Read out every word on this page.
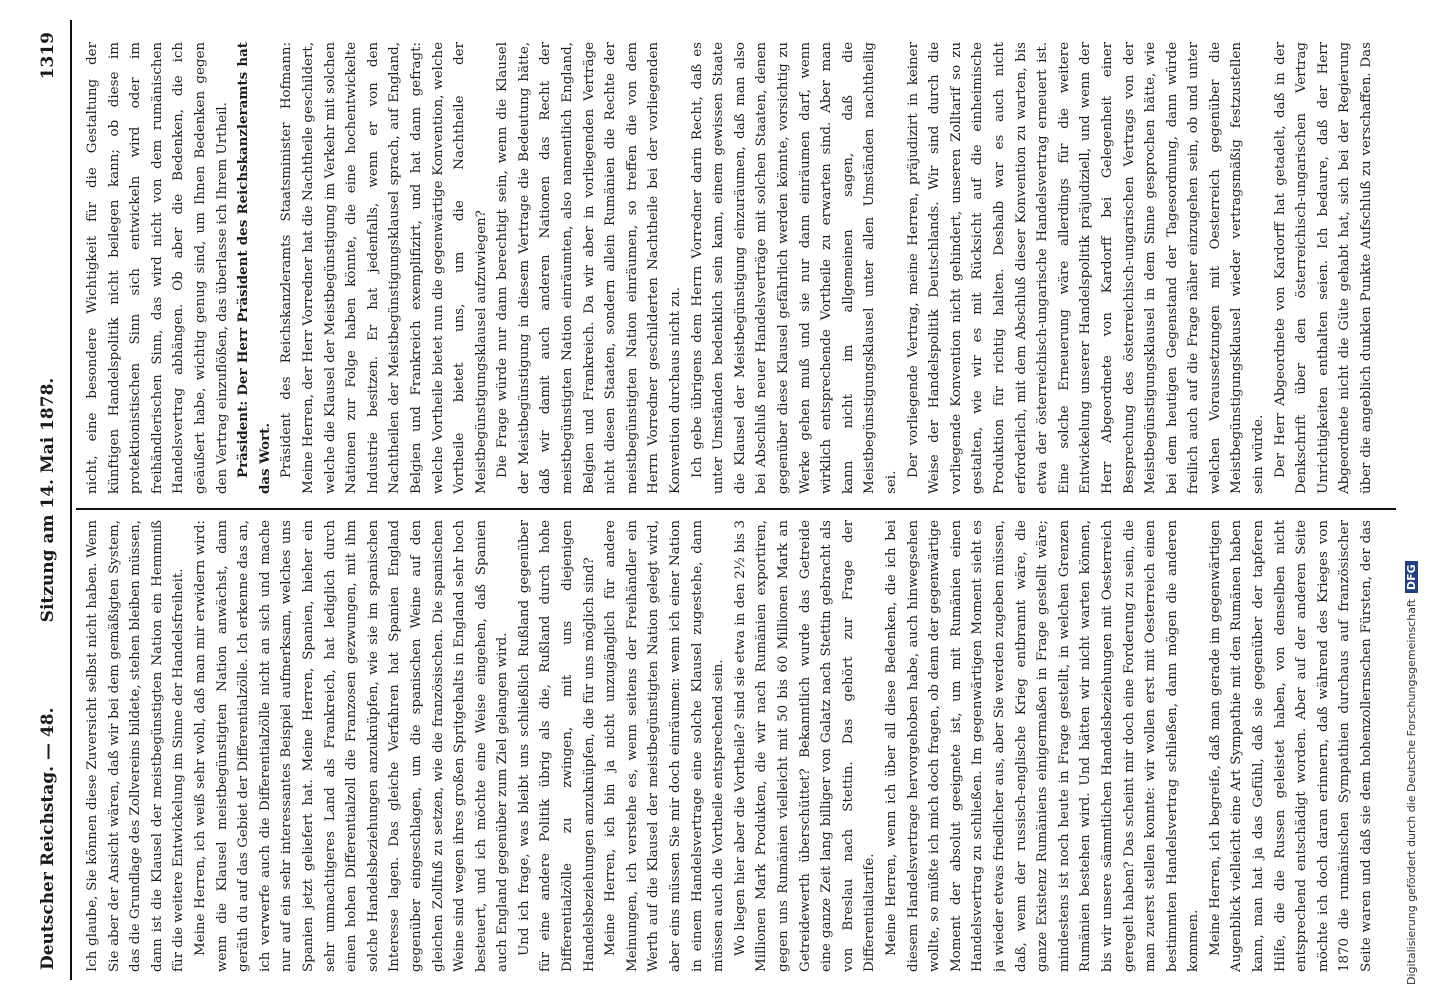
Deutscher Reichstag. — 48.
Sitzung am 14. Mai 1878.
1319

Ich glaube, Sie können diese Zuversicht selbst nicht haben. Wenn Sie aber der Ansicht wären, daß wir bei dem gemäßigten System, das die Grundlage des Zollvereins bildete, stehen bleiben müssen, dann ist die Klausel der meistbegünstigten Nation ein Hemmniß für die weitere Entwickelung im Sinne der Handelsfreiheit. Meine Herren, ich weiß sehr wohl, daß man mir erwidern wird: wenn die Klausel meistbegünstigten Nation anwächst, dann geräth du auf das Gebiet der Differentialzölle. Ich erkenne das an, ich verwerfe auch die Differentialzölle nicht an sich und mache nur auf ein sehr interessantes Beispiel aufmerksam, welches uns Spanien jetzt geliefert hat. Meine Herren, Spanien, hieher ein sehr umnachtigeres Land als Frankreich, hat lediglich durch einen hohen Differentialzoll die Franzosen gezwungen, mit ihm solche Handelsbeziehungen anzuknüpfen, wie sie im spanischen Interesse lagen. Das gleiche Verfahren hat Spanien England gegenüber eingeschlagen, um die spanischen Weine auf den gleichen Zollfuß zu setzen, wie die französischen. Die spanischen Weine sind wegen ihres großen Spritgehalts in England sehr hoch besteuert, und ich möchte eine Weise eingehen, daß Spanien auch England gegenüber zum Ziel gelangen wird. Und ich frage, was bleibt uns schließlich Rußland gegenüber für eine andere Politik übrig als die, Rußland durch hohe Differentialzölle zu zwingen, mit uns diejenigen Handelsbeziehungen anzuknüpfen, die für uns möglich sind? Meine Herren, ich bin ja nicht unzugänglich für andere Meinungen, ich verstehe es, wenn seitens der Freihändler ein Werth auf die Klausel der meistbegünstigten Nation gelegt wird, aber eins müssen Sie mir doch einräumen: wenn ich einer Nation in einem Handelsvertrage eine solche Klausel zugestehe, dann müssen auch die Vortheile entsprechend sein. Wo liegen hier aber die Vortheile? sind sie etwa in den 2½ bis 3 Millionen Mark Produkten, die wir nach Rumänien exportiren, gegen uns Rumänien vielleicht mit 50 bis 60 Millionen Mark an Getreidewerth überschüttet? Bekanntlich wurde das Getreide eine ganze Zeit lang billiger von Galatz nach Stettin gebracht als von Breslau nach Stettin. Das gehört zur Frage der Differentialtarife. Meine Herren, wenn ich über all diese Bedenken, die ich bei diesem Handelsvertrage hervorgehoben habe, auch hinwegsehen wollte, so müßte ich mich doch fragen, ob denn der gegenwärtige Moment der absolut geeignete ist, um mit Rumänien einen Handelsvertrag zu schließen. Im gegenwärtigen Moment sieht es ja wieder etwas friedlicher aus, aber Sie werden zugeben müssen, daß, wenn der russisch-englische Krieg entbrannt wäre, die ganze Existenz Rumäniens einigermaßen in Frage gestellt wäre; mindestens ist noch heute in Frage gestellt, in welchen Grenzen Rumänien bestehen wird. Und hätten wir nicht warten können, bis wir unsere sämmtlichen Handelsbeziehungen mit Oesterreich geregelt haben? Das scheint mir doch eine Forderung zu sein, die man zuerst stellen konnte: wir wollen erst mit Oesterreich einen bestimmten Handelsvertrag schließen, dann mögen die anderen kommen. Meine Herren, ich begreife, daß man gerade im gegenwärtigen Augenblick vielleicht eine Art Sympathie mit den Rumänen haben kann, man hat ja das Gefühl, daß sie gegenüber der tapferen Hilfe, die die Russen geleistet haben, von denselben nicht entsprechend entschädigt worden. Aber auf der anderen Seite möchte ich doch daran erinnern, daß während des Krieges von 1870 die rumänischen Sympathien durchaus auf französischer Seite waren und daß sie dem hohenzollernschen Fürsten, der das

nicht, eine besondere Wichtigkeit für die Gestaltung der künftigen Handelspolitik nicht beilegen kann; ob diese im protektionistischen Sinn sich entwickeln wird oder im freihändlerischen Sinn, das wird nicht von dem rumänischen Handelsvertrag abhängen. Ob aber die Bedenken, die ich geäußert habe, wichtig genug sind, um Ihnen Bedenken gegen den Vertrag einzuflößen, das überlasse ich Ihrem Urtheil. Präsident: Der Herr Präsident des Reichskanzleramts hat das Wort. Präsident des Reichskanzleramts Staatsminister Hofmann: Meine Herren, der Herr Vorredner hat die Nachtheile geschildert, welche die Klausel der Meistbegünstigung im Verkehr mit solchen Nationen zur Folge haben könnte, die eine hochentwickelte Industrie besitzen. Er hat jedenfalls, wenn er von den Nachtheilen der Meistbegünstigungsklausel sprach, auf England, Belgien und Frankreich exemplifizirt, und hat dann gefragt: welche Vortheile bietet nun die gegenwärtige Konvention, welche Vortheile bietet uns, um die Nachtheile der Meistbegünstigungsklausel aufzuwiegen? Die Frage würde nur dann berechtigt sein, wenn die Klausel der Meistbegünstigung in diesem Vertrage die Bedeutung hätte, daß wir damit auch anderen Nationen das Recht der meistbegünstigten Nation einräumten, also namentlich England, Belgien und Frankreich. Da wir aber in vorliegenden Verträge nicht diesen Staaten, sondern allein Rumänien die Rechte der meistbegünstigten Nation einräumen, so treffen die von dem Herrn Vorredner geschilderten Nachtheile bei der vorliegenden Konvention durchaus nicht zu. Ich gebe übrigens dem Herrn Vorredner darin Recht, daß es unter Umständen bedenklich sein kann, einem gewissen Staate die Klausel der Meistbegünstigung einzuräumen, daß man also bei Abschluß neuer Handelsverträge mit solchen Staaten, denen gegenüber diese Klausel gefährlich werden könnte, vorsichtig zu Werke gehen muß und sie nur dann einräumen darf, wenn wirklich entsprechende Vortheile zu erwarten sind. Aber man kann nicht im allgemeinen sagen, daß die Meistbegünstigungsklausel unter allen Umständen nachtheilig sei.

Der vorliegende Vertrag, meine Herren, präjudizirt in keiner Weise der Handelspolitik Deutschlands. Wir sind durch die vorliegende Konvention nicht gehindert, unseren Zolltarif so zu gestalten, wie wir es mit Rücksicht auf die einheimische Produktion für richtig halten. Deshalb war es auch nicht erforderlich, mit dem Abschluß dieser Konvention zu warten, bis etwa der österreichisch-ungarische Handelsvertrag erneuert ist. Eine solche Erneuerung wäre allerdings für die weitere Entwickelung unserer Handelspolitik präjudiziell, und wenn der Herr Abgeordnete von Kardorff bei Gelegenheit einer Besprechung des österreichisch-ungarischen Vertrags von der Meistbegünstigungsklausel in dem Sinne gesprochen hätte, wie bei dem heutigen Gegenstand der Tagesordnung, dann würde freilich auch auf die Frage näher einzugehen sein, ob und unter welchen Voraussetzungen mit Oesterreich gegenüber die Meistbegünstigungsklausel wieder vertragsmäßig festzustellen sein würde. Der Herr Abgeordnete von Kardorff hat getadelt, daß in der Denkschrift über den österreichisch-ungarischen Vertrag Unrichtigkeiten enthalten seien. Ich bedaure, daß der Herr Abgeordnete nicht die Güte gehabt hat, sich bei der Regierung über die angeblich dunklen Punkte Aufschluß zu verschaffen. Das

Digitalisierung gefördert durch die Deutsche ForschungsgemeinschaftDFG
